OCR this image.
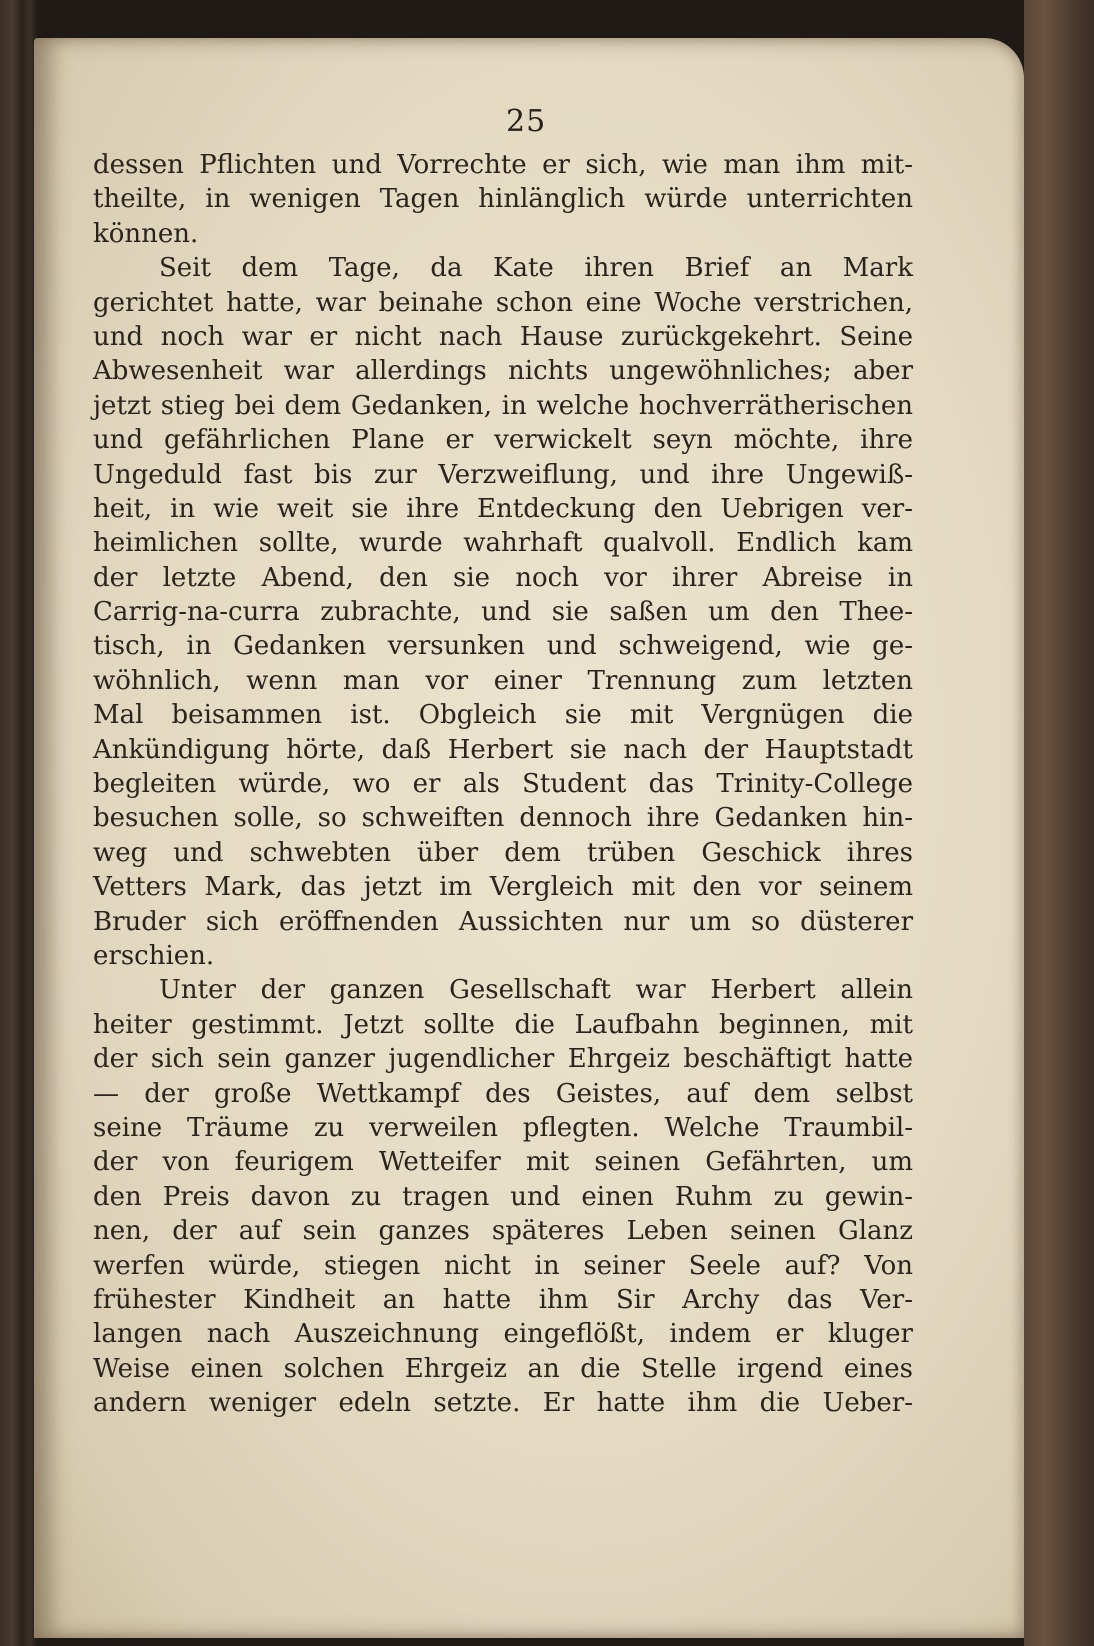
25
dessen Pflichten und Vorrechte er sich, wie man ihm mit-
theilte, in wenigen Tagen hinlänglich würde unterrichten
können.
Seit dem Tage, da Kate ihren Brief an Mark
gerichtet hatte, war beinahe schon eine Woche verstrichen,
und noch war er nicht nach Hause zurückgekehrt. Seine
Abwesenheit war allerdings nichts ungewöhnliches; aber
jetzt stieg bei dem Gedanken, in welche hochverrätherischen
und gefährlichen Plane er verwickelt seyn möchte, ihre
Ungeduld fast bis zur Verzweiflung, und ihre Ungewiß-
heit, in wie weit sie ihre Entdeckung den Uebrigen ver-
heimlichen sollte, wurde wahrhaft qualvoll. Endlich kam
der letzte Abend, den sie noch vor ihrer Abreise in
Carrig-na-curra zubrachte, und sie saßen um den Thee-
tisch, in Gedanken versunken und schweigend, wie ge-
wöhnlich, wenn man vor einer Trennung zum letzten
Mal beisammen ist. Obgleich sie mit Vergnügen die
Ankündigung hörte, daß Herbert sie nach der Hauptstadt
begleiten würde, wo er als Student das Trinity-College
besuchen solle, so schweiften dennoch ihre Gedanken hin-
weg und schwebten über dem trüben Geschick ihres
Vetters Mark, das jetzt im Vergleich mit den vor seinem
Bruder sich eröffnenden Aussichten nur um so düsterer
erschien.
Unter der ganzen Gesellschaft war Herbert allein
heiter gestimmt. Jetzt sollte die Laufbahn beginnen, mit
der sich sein ganzer jugendlicher Ehrgeiz beschäftigt hatte
— der große Wettkampf des Geistes, auf dem selbst
seine Träume zu verweilen pflegten. Welche Traumbil-
der von feurigem Wetteifer mit seinen Gefährten, um
den Preis davon zu tragen und einen Ruhm zu gewin-
nen, der auf sein ganzes späteres Leben seinen Glanz
werfen würde, stiegen nicht in seiner Seele auf? Von
frühester Kindheit an hatte ihm Sir Archy das Ver-
langen nach Auszeichnung eingeflößt, indem er kluger
Weise einen solchen Ehrgeiz an die Stelle irgend eines
andern weniger edeln setzte. Er hatte ihm die Ueber-
